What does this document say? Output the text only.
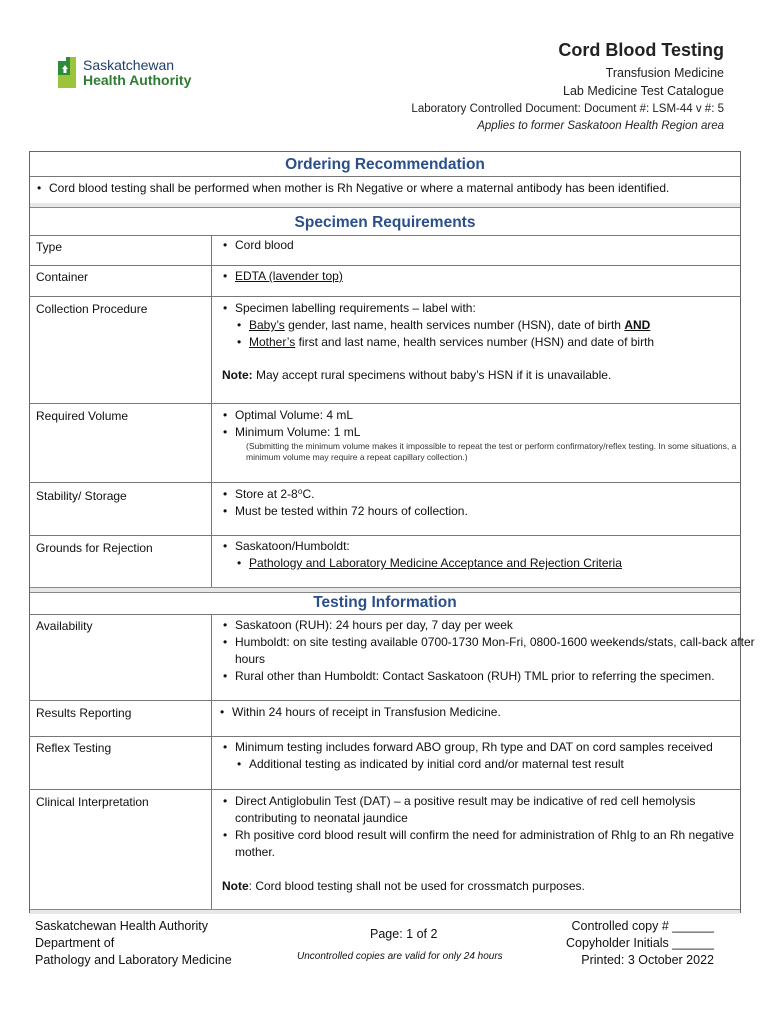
Saskatchewan
Health Authority
Cord Blood Testing
Transfusion Medicine
Lab Medicine Test Catalogue
Laboratory Controlled Document: Document #: LSM-44 v #: 5
Applies to former Saskatoon Health Region area
Ordering Recommendation
• Cord blood testing shall be performed when mother is Rh Negative or where a maternal antibody has been identified.
Specimen Requirements
Type	• Cord blood
Container	• EDTA (lavender top)
Collection Procedure	• Specimen labelling requirements – label with:
• Baby’s gender, last name, health services number (HSN), date of birth AND
• Mother’s first and last name, health services number (HSN) and date of birth
Note: May accept rural specimens without baby’s HSN if it is unavailable.
Required Volume	• Optimal Volume: 4 mL
• Minimum Volume: 1 mL
(Submitting the minimum volume makes it impossible to repeat the test or perform confirmatory/reflex testing. In some situations, a minimum volume may require a repeat capillary collection.)
Stability/ Storage	• Store at 2-8⁰C.
• Must be tested within 72 hours of collection.
Grounds for Rejection	• Saskatoon/Humboldt:
• Pathology and Laboratory Medicine Acceptance and Rejection Criteria
Testing Information
Availability	• Saskatoon (RUH): 24 hours per day, 7 day per week
• Humboldt: on site testing available 0700-1730 Mon-Fri, 0800-1600 weekends/stats, call-back after hours
• Rural other than Humboldt: Contact Saskatoon (RUH) TML prior to referring the specimen.
Results Reporting	• Within 24 hours of receipt in Transfusion Medicine.
Reflex Testing	• Minimum testing includes forward ABO group, Rh type and DAT on cord samples received
• Additional testing as indicated by initial cord and/or maternal test result
Clinical Interpretation	• Direct Antiglobulin Test (DAT) – a positive result may be indicative of red cell hemolysis contributing to neonatal jaundice
• Rh positive cord blood result will confirm the need for administration of RhIg to an Rh negative mother.
Note: Cord blood testing shall not be used for crossmatch purposes.
Saskatchewan Health Authority
Department of
Pathology and Laboratory Medicine
Page: 1 of 2
Uncontrolled copies are valid for only 24 hours
Controlled copy # ______
Copyholder Initials ______
Printed: 3 October 2022
